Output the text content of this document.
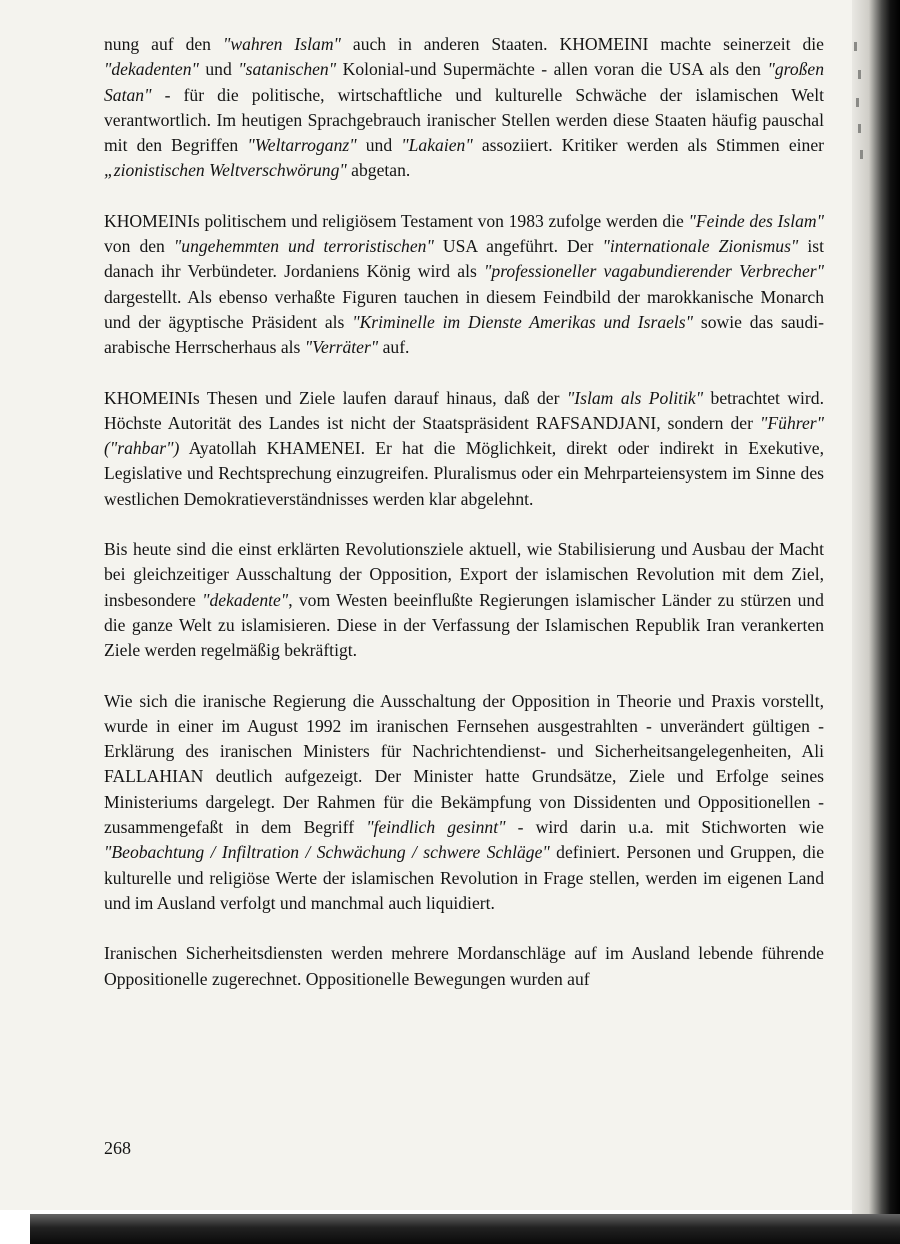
nung auf den "wahren Islam" auch in anderen Staaten. KHOMEINI machte seinerzeit die "dekadenten" und "satanischen" Kolonial-und Supermächte - allen voran die USA als den "großen Satan" - für die politische, wirtschaftliche und kulturelle Schwäche der islamischen Welt verantwortlich. Im heutigen Sprachgebrauch iranischer Stellen werden diese Staaten häufig pauschal mit den Begriffen "Weltarroganz" und "Lakaien" assoziiert. Kritiker werden als Stimmen einer „zionistischen Weltverschwörung" abgetan.

KHOMEINIs politischem und religiösem Testament von 1983 zufolge werden die "Feinde des Islam" von den "ungehemmten und terroristischen" USA angeführt. Der "internationale Zionismus" ist danach ihr Verbündeter. Jordaniens König wird als "professioneller vagabundierender Verbrecher" dargestellt. Als ebenso verhaßte Figuren tauchen in diesem Feindbild der marokkanische Monarch und der ägyptische Präsident als "Kriminelle im Dienste Amerikas und Israels" sowie das saudi-arabische Herrscherhaus als "Verräter" auf.

KHOMEINIs Thesen und Ziele laufen darauf hinaus, daß der "Islam als Politik" betrachtet wird. Höchste Autorität des Landes ist nicht der Staatspräsident RAFSANDJANI, sondern der "Führer" ("rahbar") Ayatollah KHAMENEI. Er hat die Möglichkeit, direkt oder indirekt in Exekutive, Legislative und Rechtsprechung einzugreifen. Pluralismus oder ein Mehrparteiensystem im Sinne des westlichen Demokratieverständnisses werden klar abgelehnt.

Bis heute sind die einst erklärten Revolutionsziele aktuell, wie Stabilisierung und Ausbau der Macht bei gleichzeitiger Ausschaltung der Opposition, Export der islamischen Revolution mit dem Ziel, insbesondere "dekadente", vom Westen beeinflußte Regierungen islamischer Länder zu stürzen und die ganze Welt zu islamisieren. Diese in der Verfassung der Islamischen Republik Iran verankerten Ziele werden regelmäßig bekräftigt.

Wie sich die iranische Regierung die Ausschaltung der Opposition in Theorie und Praxis vorstellt, wurde in einer im August 1992 im iranischen Fernsehen ausgestrahlten - unverändert gültigen - Erklärung des iranischen Ministers für Nachrichtendienst- und Sicherheitsangelegenheiten, Ali FALLAHIAN deutlich aufgezeigt. Der Minister hatte Grundsätze, Ziele und Erfolge seines Ministeriums dargelegt. Der Rahmen für die Bekämpfung von Dissidenten und Oppositionellen - zusammengefaßt in dem Begriff "feindlich gesinnt" - wird darin u.a. mit Stichworten wie "Beobachtung / Infiltration / Schwächung / schwere Schläge" definiert. Personen und Gruppen, die kulturelle und religiöse Werte der islamischen Revolution in Frage stellen, werden im eigenen Land und im Ausland verfolgt und manchmal auch liquidiert.

Iranischen Sicherheitsdiensten werden mehrere Mordanschläge auf im Ausland lebende führende Oppositionelle zugerechnet. Oppositionelle Bewegungen wurden auf

268
